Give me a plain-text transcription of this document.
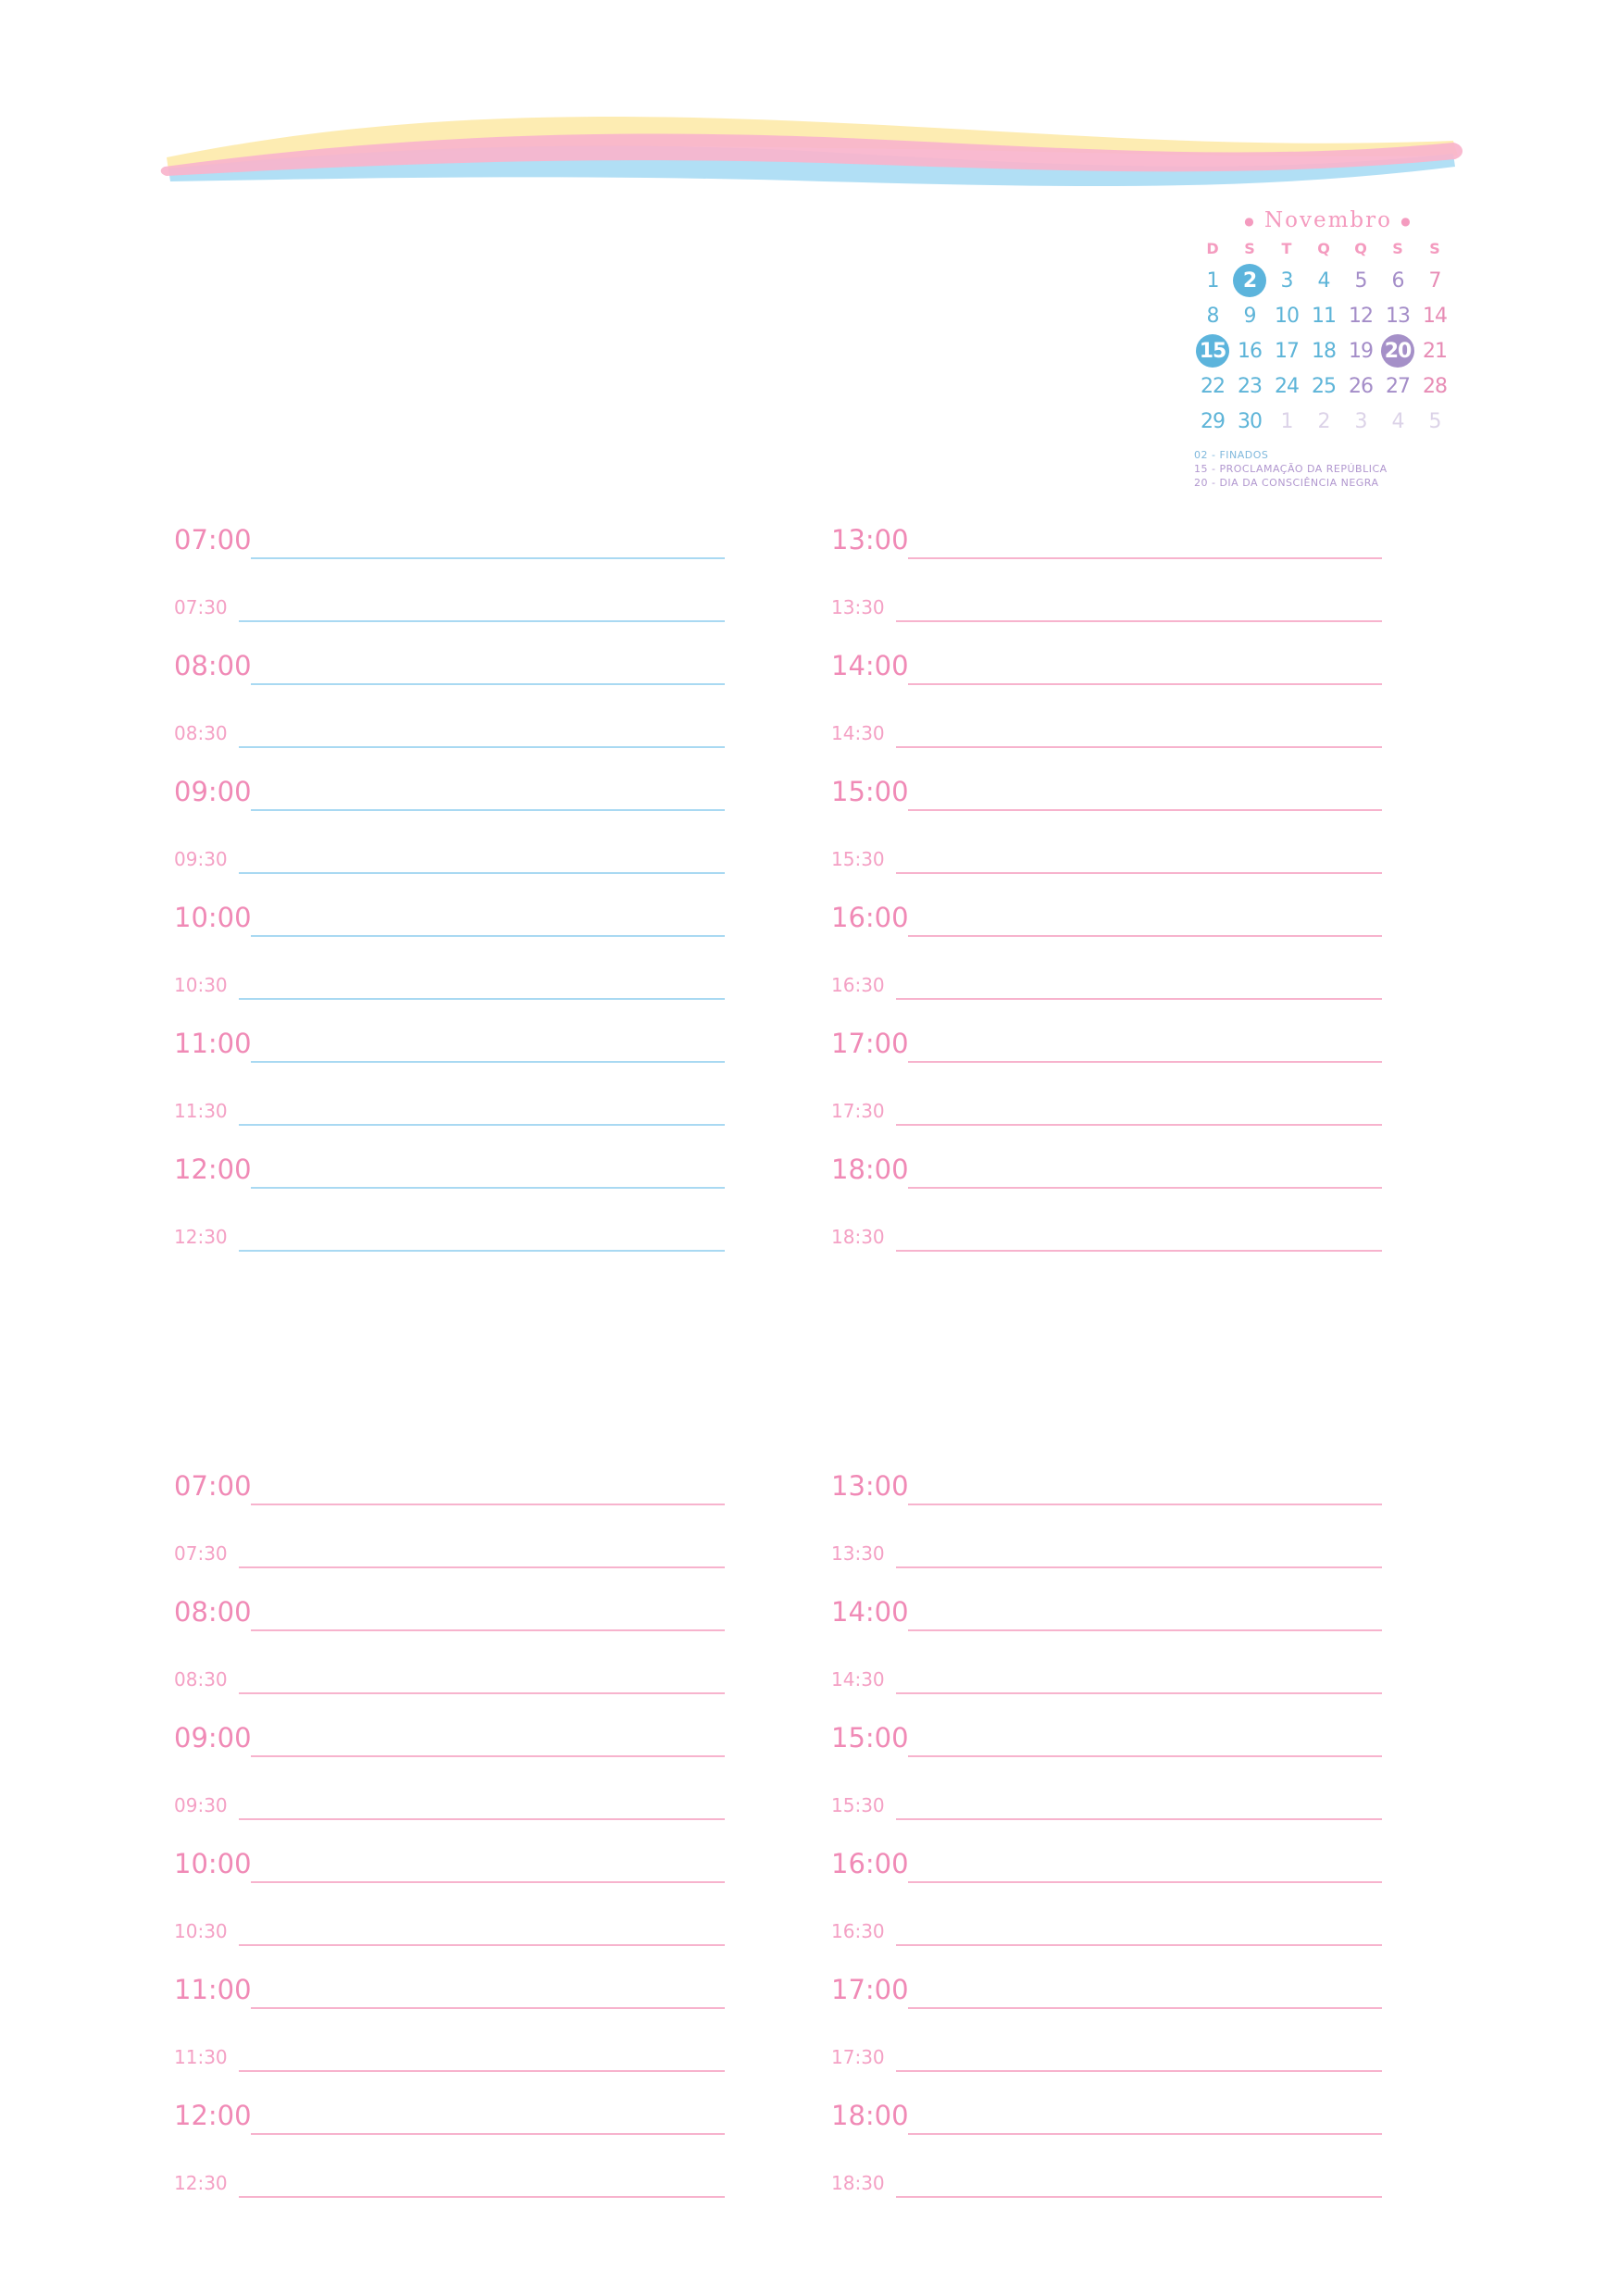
● Novembro ●
D	S	T	Q	Q	S	S
1	2	3	4	5	6	7
8	9 10 11 12 13 14
15 16 17 18 19 20 21
22 23 24 25 26 27 28
29 30 1	2	3	4	5
02 - FINADOS
15 - PROCLAMAÇÃO DA REPÚBLICA
20 - DIA DA CONSCIÊNCIA NEGRA
07:00
07:30
08:00
08:30
09:00
09:30
10:00
10:30
11:00
11:30
12:00
12:30
13:00
13:30
14:00
14:30
15:00
15:30
16:00
16:30
17:00
17:30
18:00
18:30
07:00
07:30
08:00
08:30
09:00
09:30
10:00
10:30
11:00
11:30
12:00
12:30
13:00
13:30
14:00
14:30
15:00
15:30
16:00
16:30
17:00
17:30
18:00
18:30
